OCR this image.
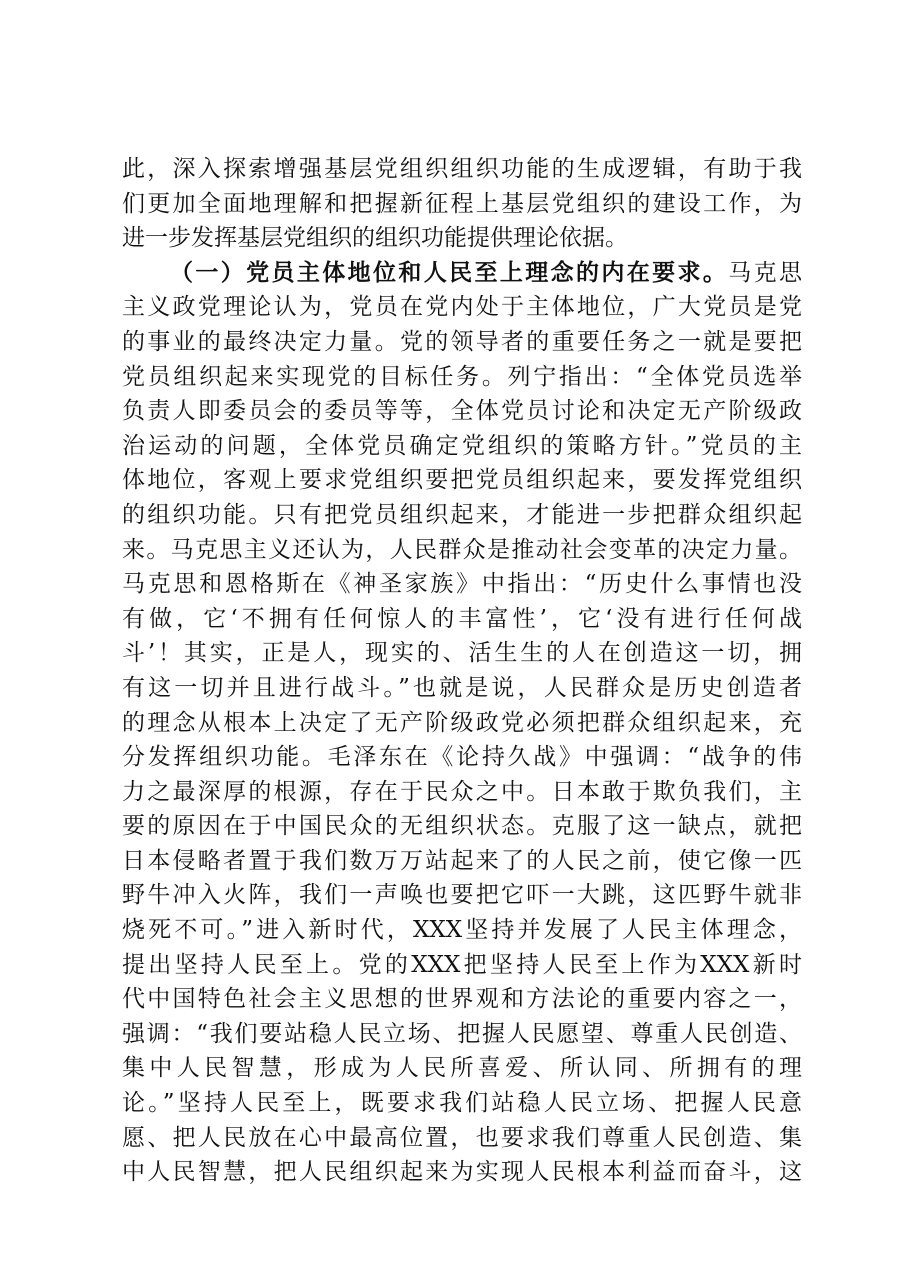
此，深入探索增强基层党组织组织功能的生成逻辑，有助于我
们更加全面地理解和把握新征程上基层党组织的建设工作，为
进一步发挥基层党组织的组织功能提供理论依据。
（一）党员主体地位和人民至上理念的内在要求。马克思
主义政党理论认为，党员在党内处于主体地位，广大党员是党
的事业的最终决定力量。党的领导者的重要任务之一就是要把
党员组织起来实现党的目标任务。列宁指出：“全体党员选举
负责人即委员会的委员等等，全体党员讨论和决定无产阶级政
治运动的问题，全体党员确定党组织的策略方针。”党员的主
体地位，客观上要求党组织要把党员组织起来，要发挥党组织
的组织功能。只有把党员组织起来，才能进一步把群众组织起
来。马克思主义还认为，人民群众是推动社会变革的决定力量。
马克思和恩格斯在《神圣家族》中指出：“历史什么事情也没
有做，它‘不拥有任何惊人的丰富性’，它‘没有进行任何战
斗’！其实，正是人，现实的、活生生的人在创造这一切，拥
有这一切并且进行战斗。”也就是说，人民群众是历史创造者
的理念从根本上决定了无产阶级政党必须把群众组织起来，充
分发挥组织功能。毛泽东在《论持久战》中强调：“战争的伟
力之最深厚的根源，存在于民众之中。日本敢于欺负我们，主
要的原因在于中国民众的无组织状态。克服了这一缺点，就把
日本侵略者置于我们数万万站起来了的人民之前，使它像一匹
野牛冲入火阵，我们一声唤也要把它吓一大跳，这匹野牛就非
烧死不可。”进入新时代，XXX坚持并发展了人民主体理念，
提出坚持人民至上。党的XXX把坚持人民至上作为XXX新时
代中国特色社会主义思想的世界观和方法论的重要内容之一，
强调：“我们要站稳人民立场、把握人民愿望、尊重人民创造、
集中人民智慧，形成为人民所喜爱、所认同、所拥有的理
论。”坚持人民至上，既要求我们站稳人民立场、把握人民意
愿、把人民放在心中最高位置，也要求我们尊重人民创造、集
中人民智慧，把人民组织起来为实现人民根本利益而奋斗，这
